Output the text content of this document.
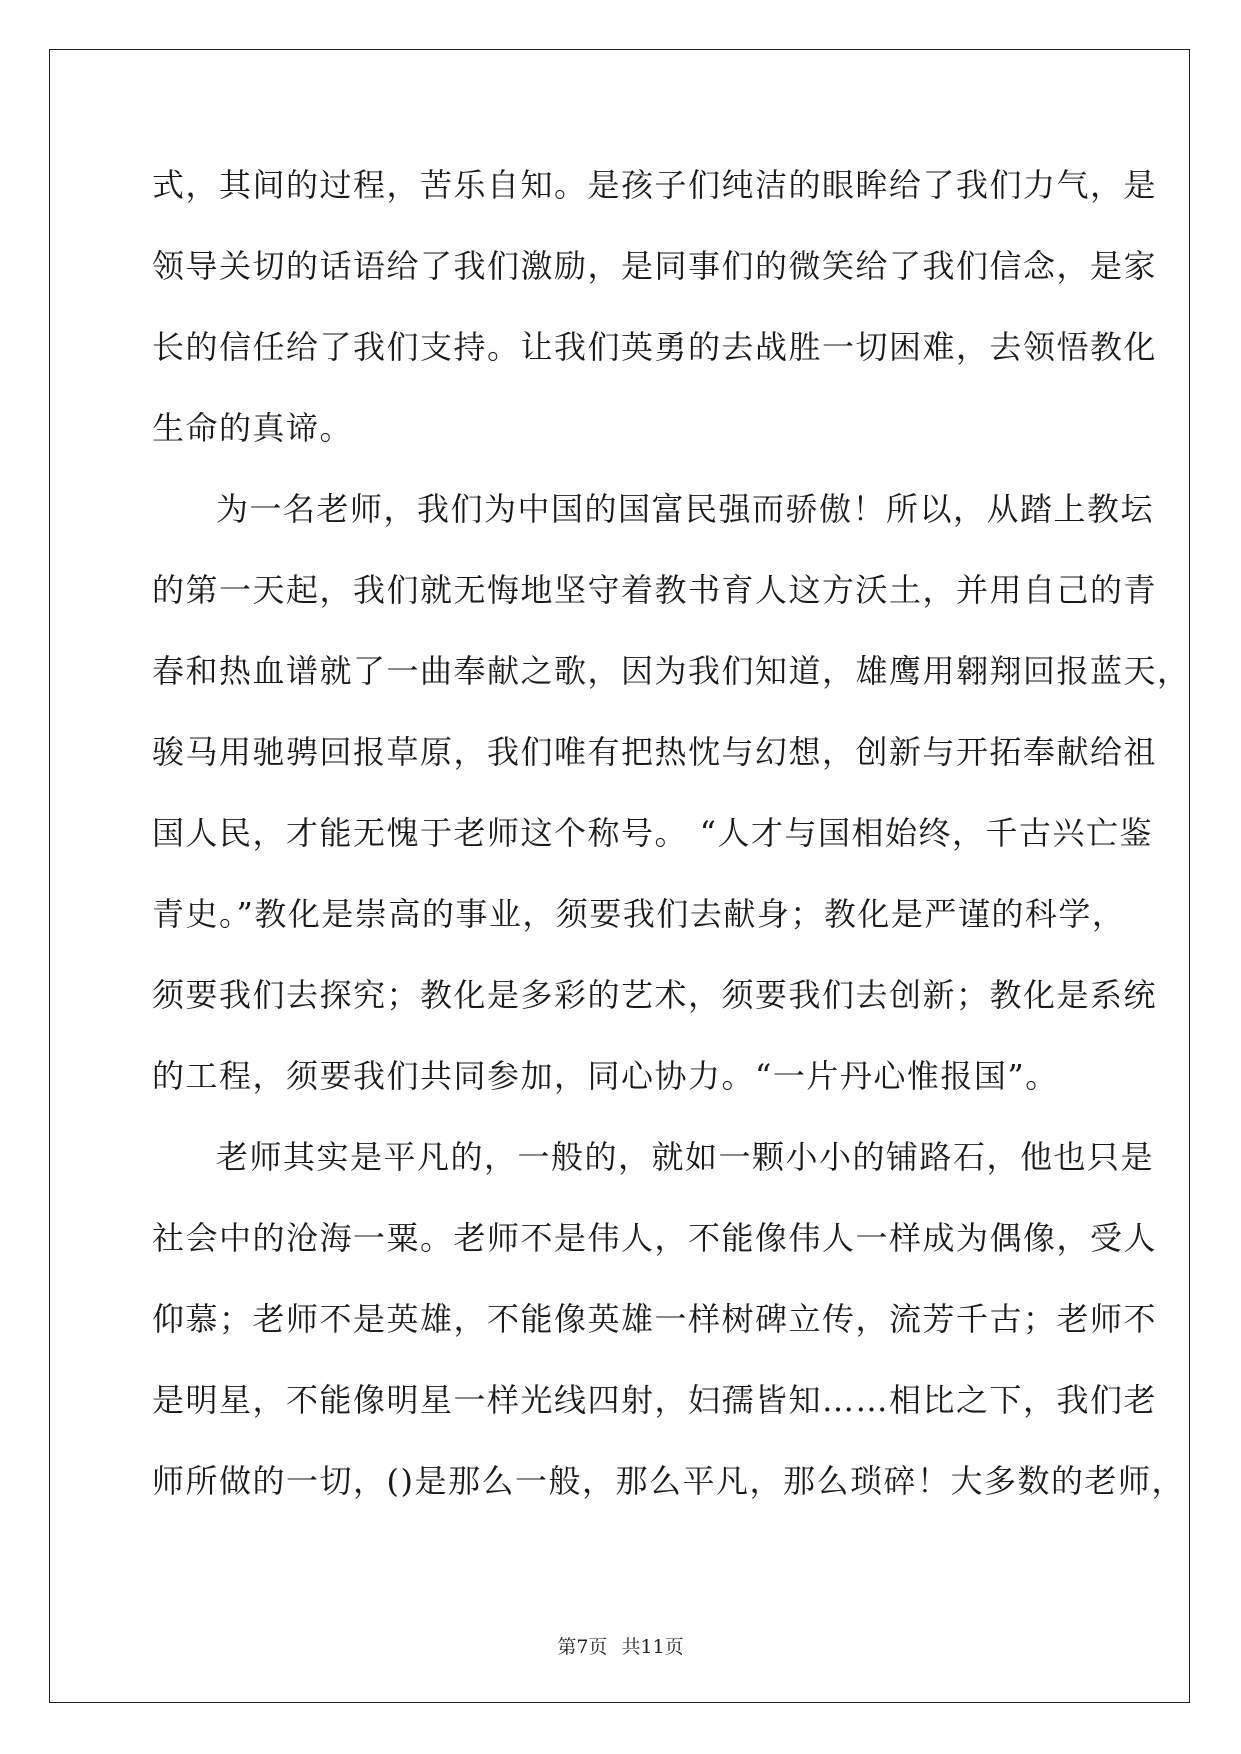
式，其间的过程，苦乐自知。是孩子们纯洁的眼眸给了我们力气，是
领导关切的话语给了我们激励，是同事们的微笑给了我们信念，是家
长的信任给了我们支持。让我们英勇的去战胜一切困难，去领悟教化
生命的真谛。
为一名老师，我们为中国的国富民强而骄傲！所以，从踏上教坛
的第一天起，我们就无悔地坚守着教书育人这方沃土，并用自己的青
春和热血谱就了一曲奉献之歌，因为我们知道，雄鹰用翱翔回报蓝天，
骏马用驰骋回报草原，我们唯有把热忱与幻想，创新与开拓奉献给祖
国人民，才能无愧于老师这个称号。 “人才与国相始终，千古兴亡鉴
青史。”教化是崇高的事业，须要我们去献身；教化是严谨的科学，
须要我们去探究；教化是多彩的艺术，须要我们去创新；教化是系统
的工程，须要我们共同参加，同心协力。“一片丹心惟报国”。
老师其实是平凡的，一般的，就如一颗小小的铺路石，他也只是
社会中的沧海一粟。老师不是伟人，不能像伟人一样成为偶像，受人
仰慕；老师不是英雄，不能像英雄一样树碑立传，流芳千古；老师不
是明星，不能像明星一样光线四射，妇孺皆知……相比之下，我们老
师所做的一切，()是那么一般，那么平凡，那么琐碎！大多数的老师，
第7页 共11页
